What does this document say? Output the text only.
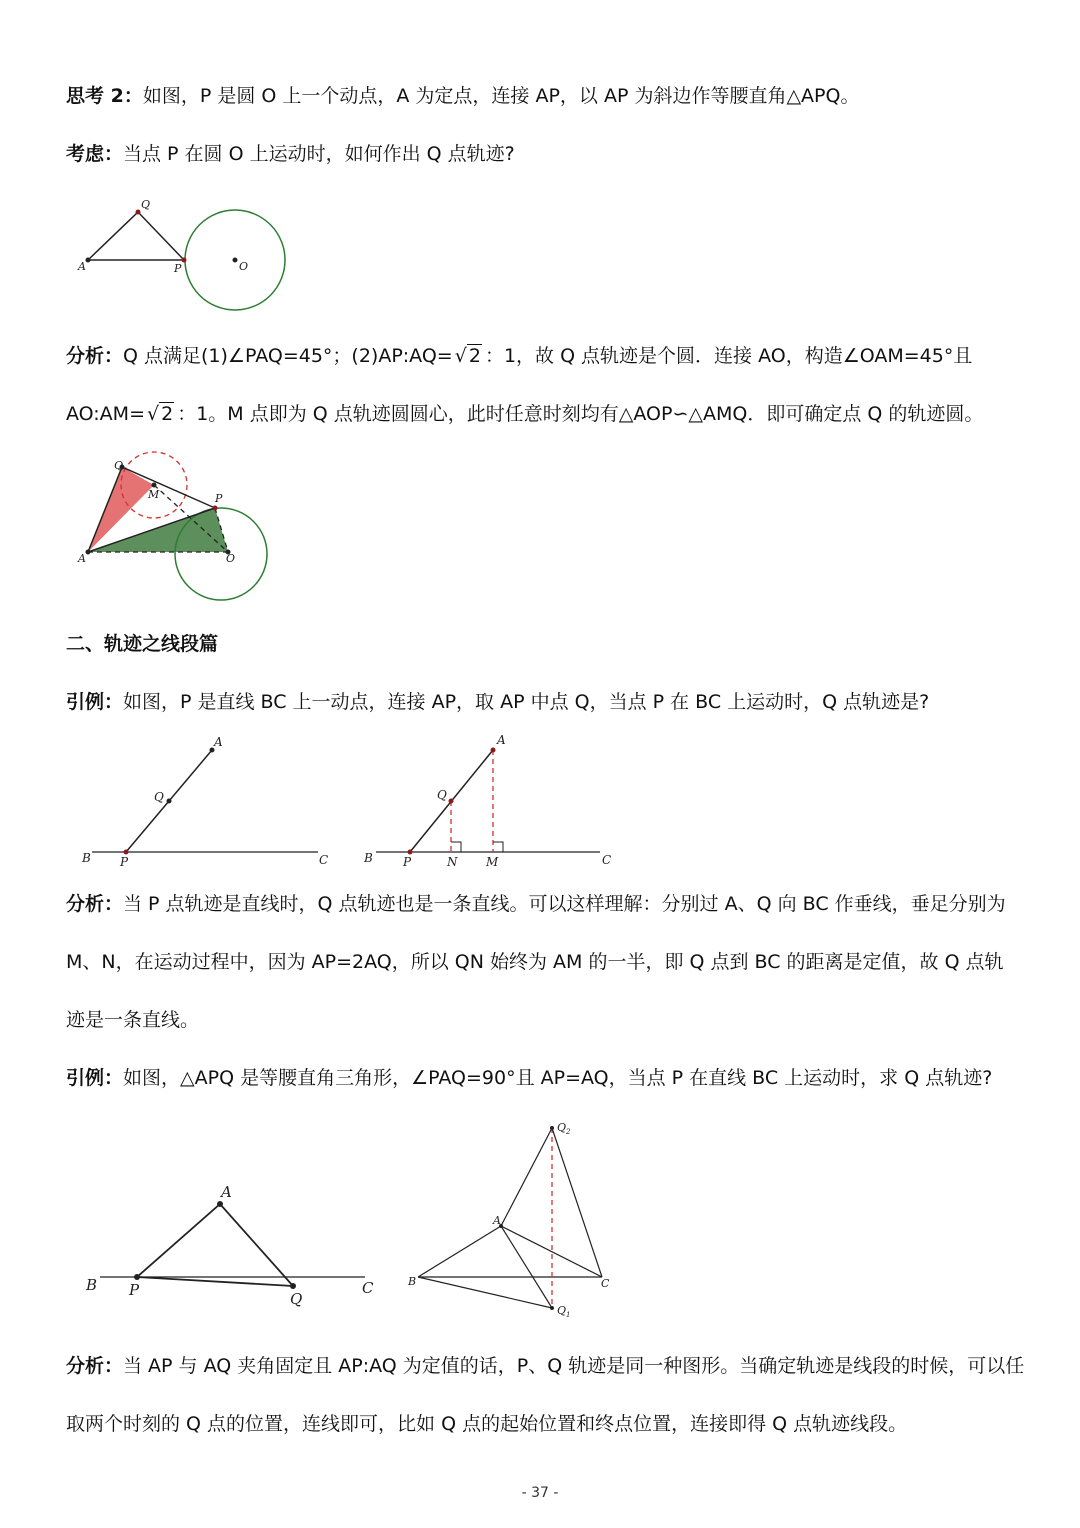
思考 2：如图，P 是圆 O 上一个动点，A 为定点，连接 AP，以 AP 为斜边作等腰直角△APQ。
考虑：当点 P 在圆 O 上运动时，如何作出 Q 点轨迹?
Q
A	P	O
分析：Q 点满足(1)∠PAQ=45°；(2)AP:AQ= √ 2 ：1，故 Q 点轨迹是个圆．连接 AO，构造∠OAM=45°且
AO:AM= √ 2 ：1。M 点即为 Q 点轨迹圆圆心，此时任意时刻均有△AOP∽△AMQ．即可确定点 Q 的轨迹圆。
Q
M	P
A	O
二、轨迹之线段篇
引例：如图，P 是直线 BC 上一动点，连接 AP，取 AP 中点 Q，当点 P 在 BC 上运动时，Q 点轨迹是?
A
Q
B P	C
A
Q
B	P	N M	C
分析：当 P 点轨迹是直线时，Q 点轨迹也是一条直线。可以这样理解：分别过 A、Q 向 BC 作垂线，垂足分别为
M、N，在运动过程中，因为 AP=2AQ，所以 QN 始终为 AM 的一半，即 Q 点到 BC 的距离是定值，故 Q 点轨
迹是一条直线。
引例：如图，△APQ 是等腰直角三角形，∠PAQ=90°且 AP=AQ，当点 P 在直线 BC 上运动时，求 Q 点轨迹?
A
B P	Q
C
$Q_2$
$Q_1$
A
B	C
分析：当 AP 与 AQ 夹角固定且 AP:AQ 为定值的话，P、Q 轨迹是同一种图形。当确定轨迹是线段的时候，可以任
取两个时刻的 Q 点的位置，连线即可，比如 Q 点的起始位置和终点位置，连接即得 Q 点轨迹线段。
- 37 -
